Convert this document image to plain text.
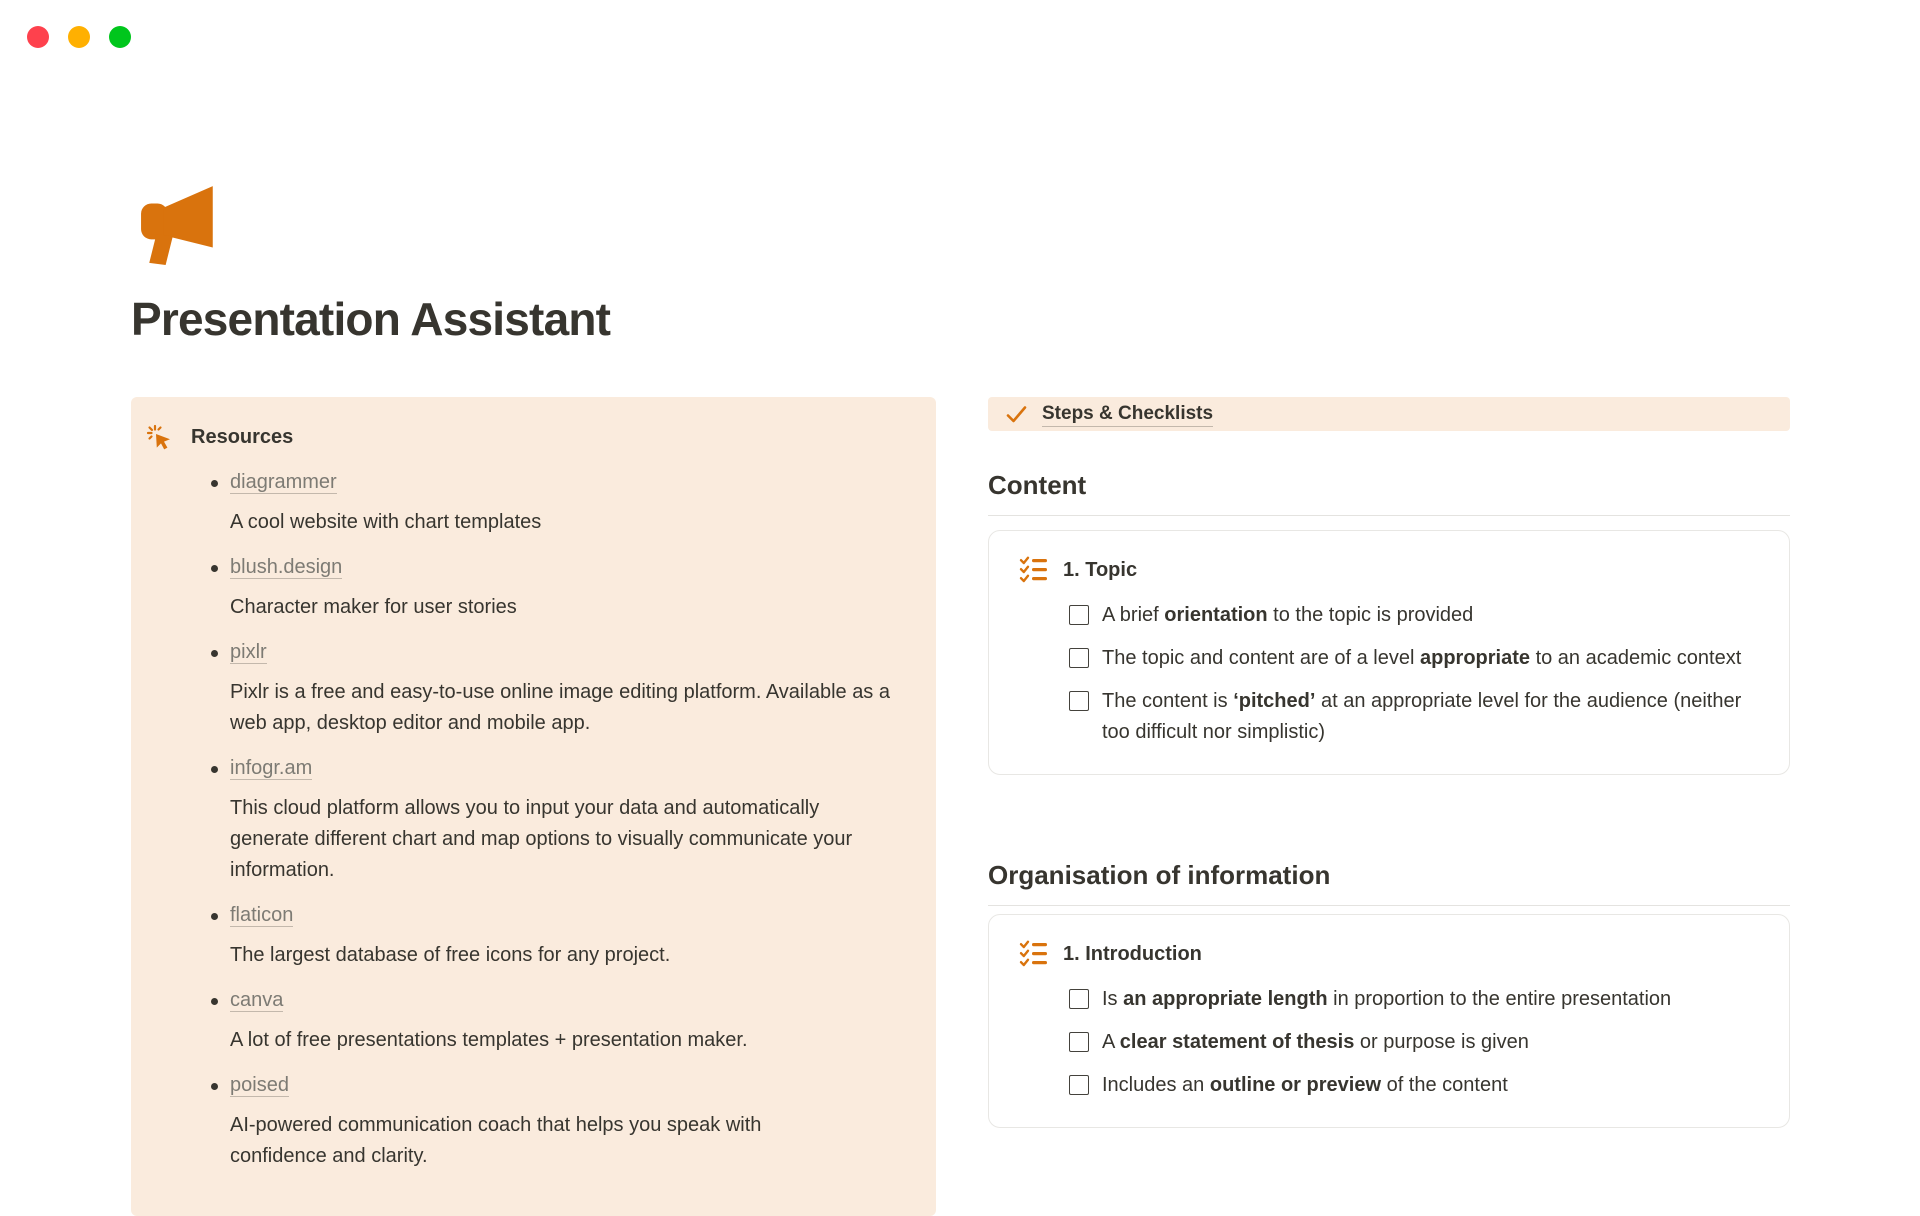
Presentation Assistant
Resources
diagrammer
A cool website with chart templates
blush.design
Character maker for user stories
pixlr
Pixlr is a free and easy-to-use online image editing platform. Available as a web app, desktop editor and mobile app.
infogr.am
This cloud platform allows you to input your data and automatically generate different chart and map options to visually communicate your information.
flaticon
The largest database of free icons for any project.
canva
A lot of free presentations templates + presentation maker.
poised
AI-powered communication coach that helps you speak with confidence and clarity.
Steps & Checklists
Content
1. Topic
A brief orientation to the topic is provided
The topic and content are of a level appropriate to an academic context
The content is ‘pitched’ at an appropriate level for the audience (neither too difficult nor simplistic)
Organisation of information
1. Introduction
Is an appropriate length in proportion to the entire presentation
A clear statement of thesis or purpose is given
Includes an outline or preview of the content
